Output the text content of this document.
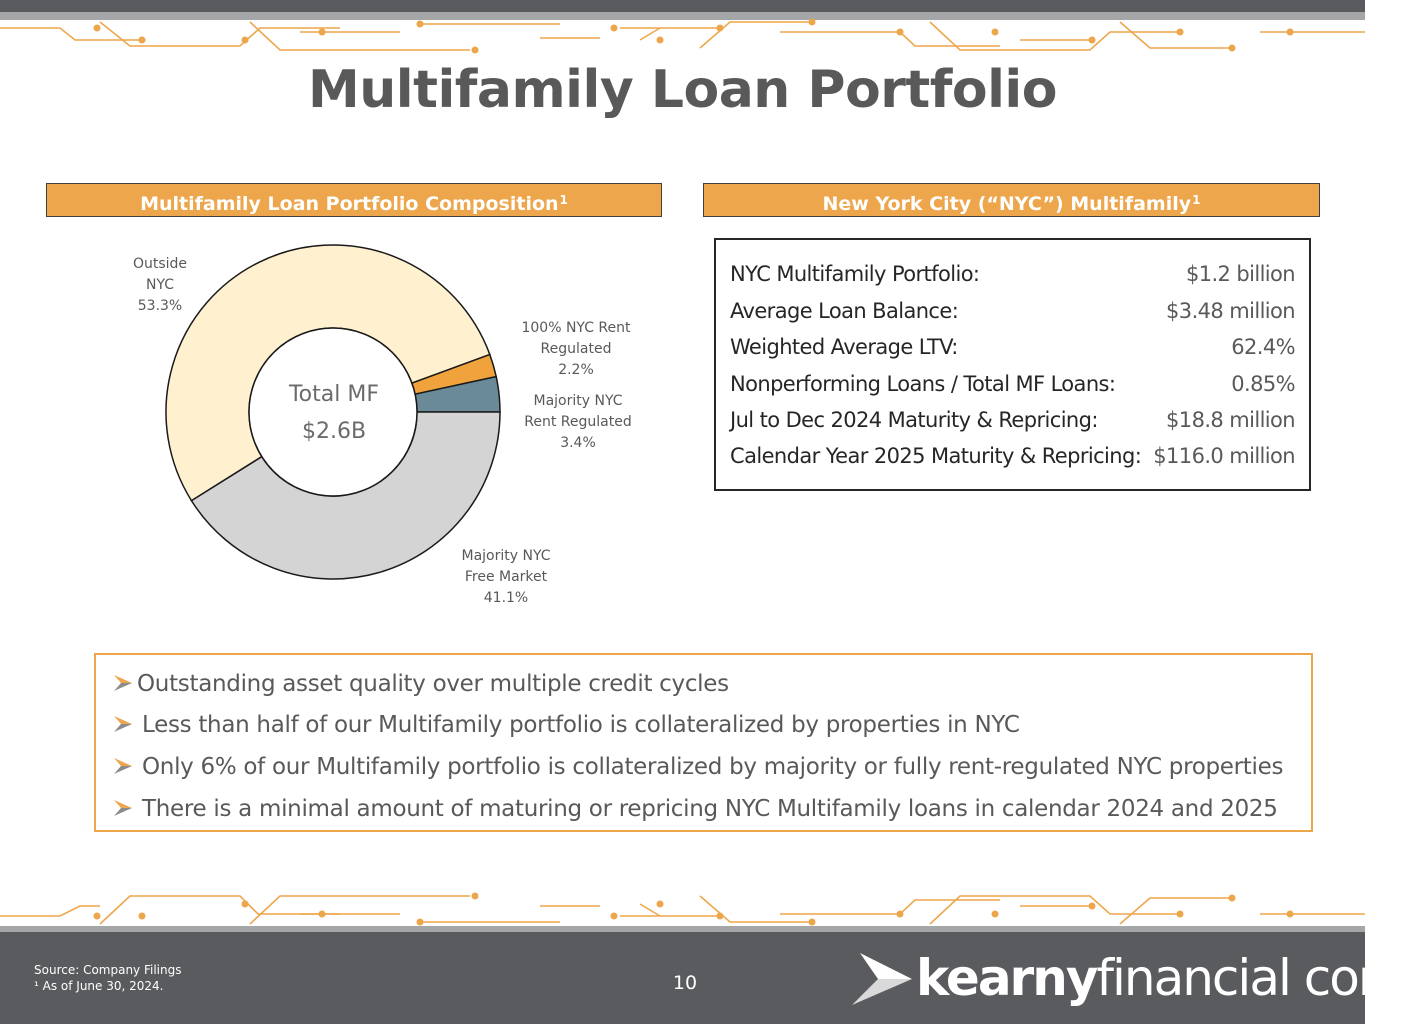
Multifamily Loan Portfolio
Multifamily Loan Portfolio Composition$^1$	New York City (“NYC”) Multifamily$^1$
100% NYC Rent
Regulated
2.2%
Majority NYC
Rent Regulated
3.4%
Majority NYC
Free Market
41.1%
Outside
NYC
53.3%
Total MF
$2.6B
NYC Multifamily Portfolio:	$1.2 billion
Average Loan Balance:	$3.48 million
Weighted Average LTV:	62.4%
Nonperforming Loans / Total MF Loans:	0.85%
Jul to Dec 2024 Maturity & Repricing:	$18.8 million
Calendar Year 2025 Maturity & Repricing: $116.0 million
Outstanding asset quality over multiple credit cycles
Less than half of our Multifamily portfolio is collateralized by properties in NYC
Only 6% of our Multifamily portfolio is collateralized by majority or fully rent-regulated NYC properties
There is a minimal amount of maturing or repricing NYC Multifamily loans in calendar 2024 and 2025
Source: Company Filings
¹ As of June 30, 2024.	10	kearnyfinancial corp.
